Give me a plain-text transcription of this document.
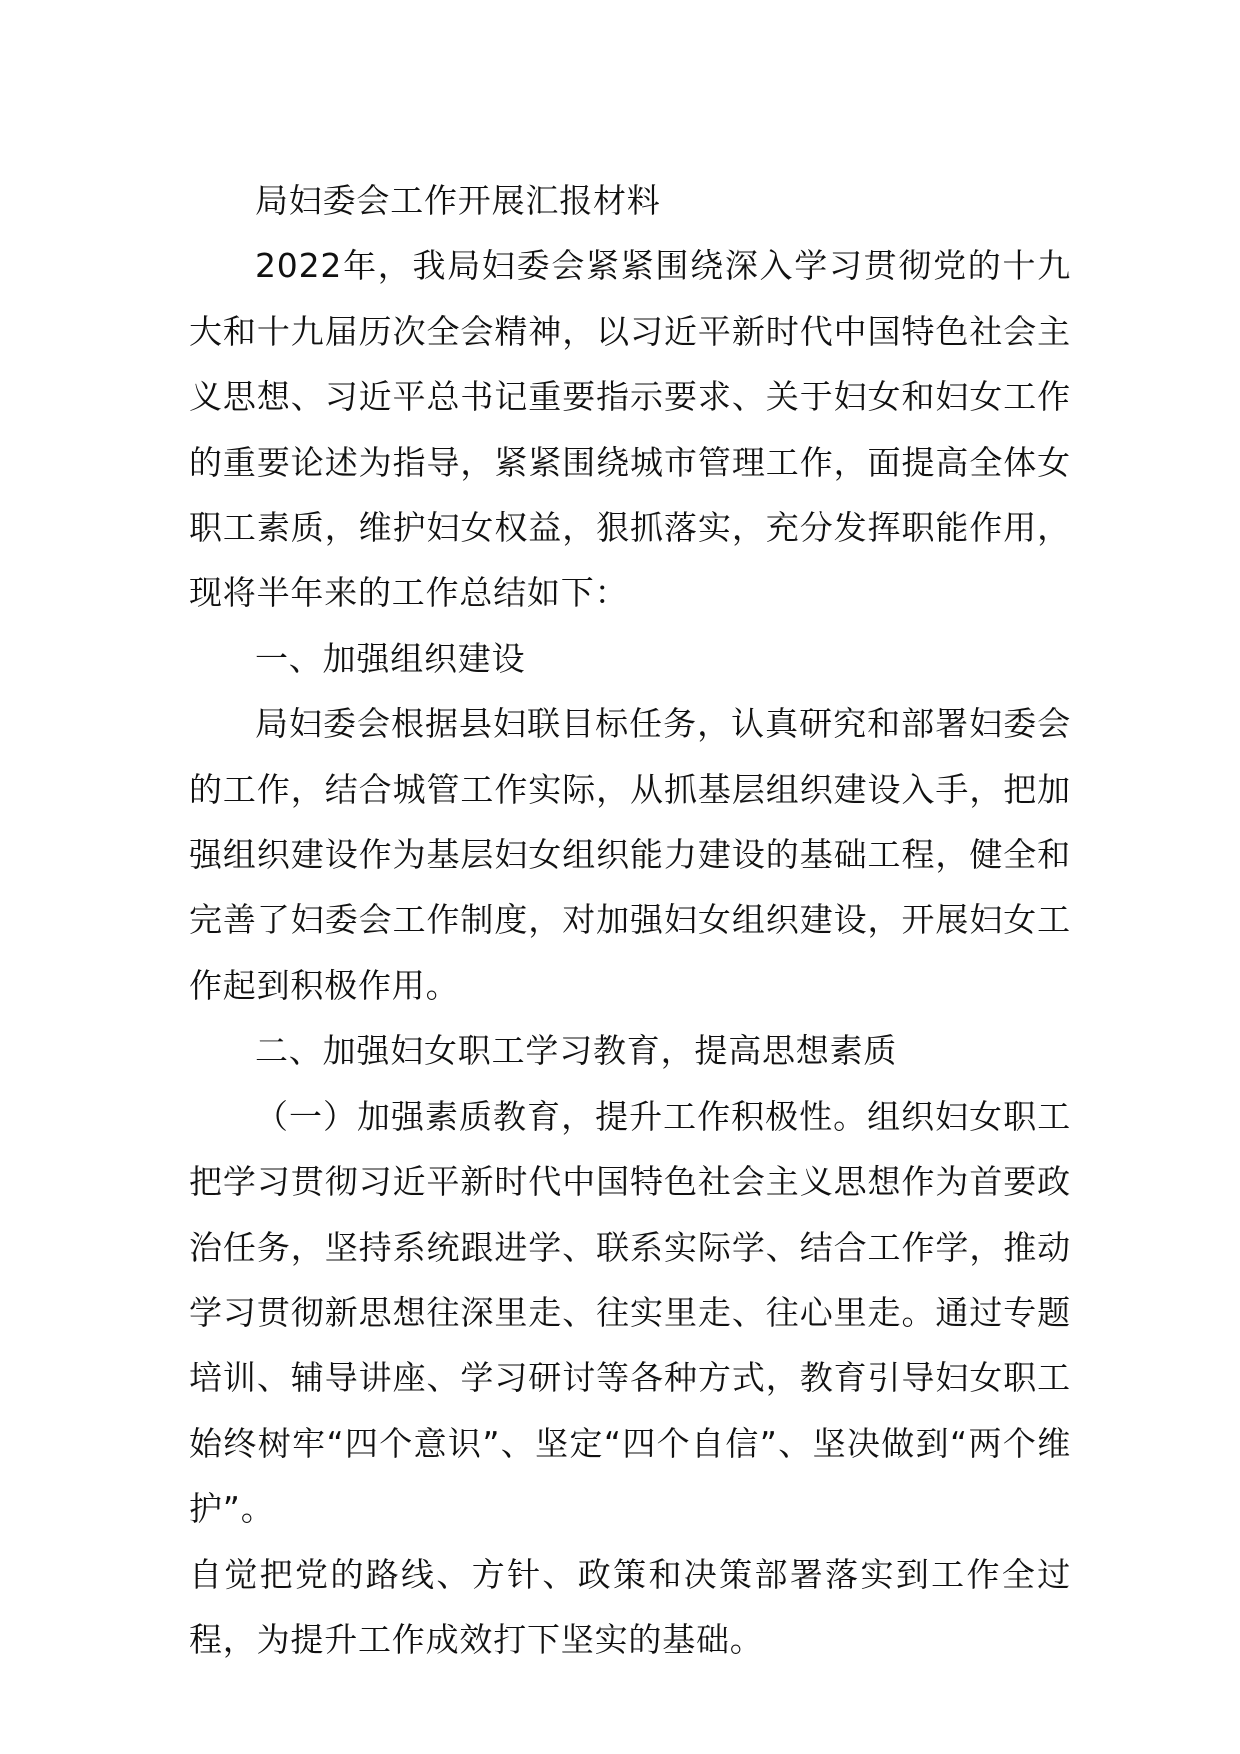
局妇委会工作开展汇报材料

2022年，我局妇委会紧紧围绕深入学习贯彻党的十九大和十九届历次全会精神，以习近平新时代中国特色社会主义思想、习近平总书记重要指示要求、关于妇女和妇女工作的重要论述为指导，紧紧围绕城市管理工作，面提高全体女职工素质，维护妇女权益，狠抓落实，充分发挥职能作用，现将半年来的工作总结如下：

一、加强组织建设

局妇委会根据县妇联目标任务，认真研究和部署妇委会的工作，结合城管工作实际，从抓基层组织建设入手，把加强组织建设作为基层妇女组织能力建设的基础工程，健全和完善了妇委会工作制度，对加强妇女组织建设，开展妇女工作起到积极作用。

二、加强妇女职工学习教育，提高思想素质

（一）加强素质教育，提升工作积极性。组织妇女职工把学习贯彻习近平新时代中国特色社会主义思想作为首要政治任务，坚持系统跟进学、联系实际学、结合工作学，推动学习贯彻新思想往深里走、往实里走、往心里走。通过专题培训、辅导讲座、学习研讨等各种方式，教育引导妇女职工始终树牢“四个意识”、坚定“四个自信”、坚决做到“两个维护”。

自觉把党的路线、方针、政策和决策部署落实到工作全过程，为提升工作成效打下坚实的基础。
